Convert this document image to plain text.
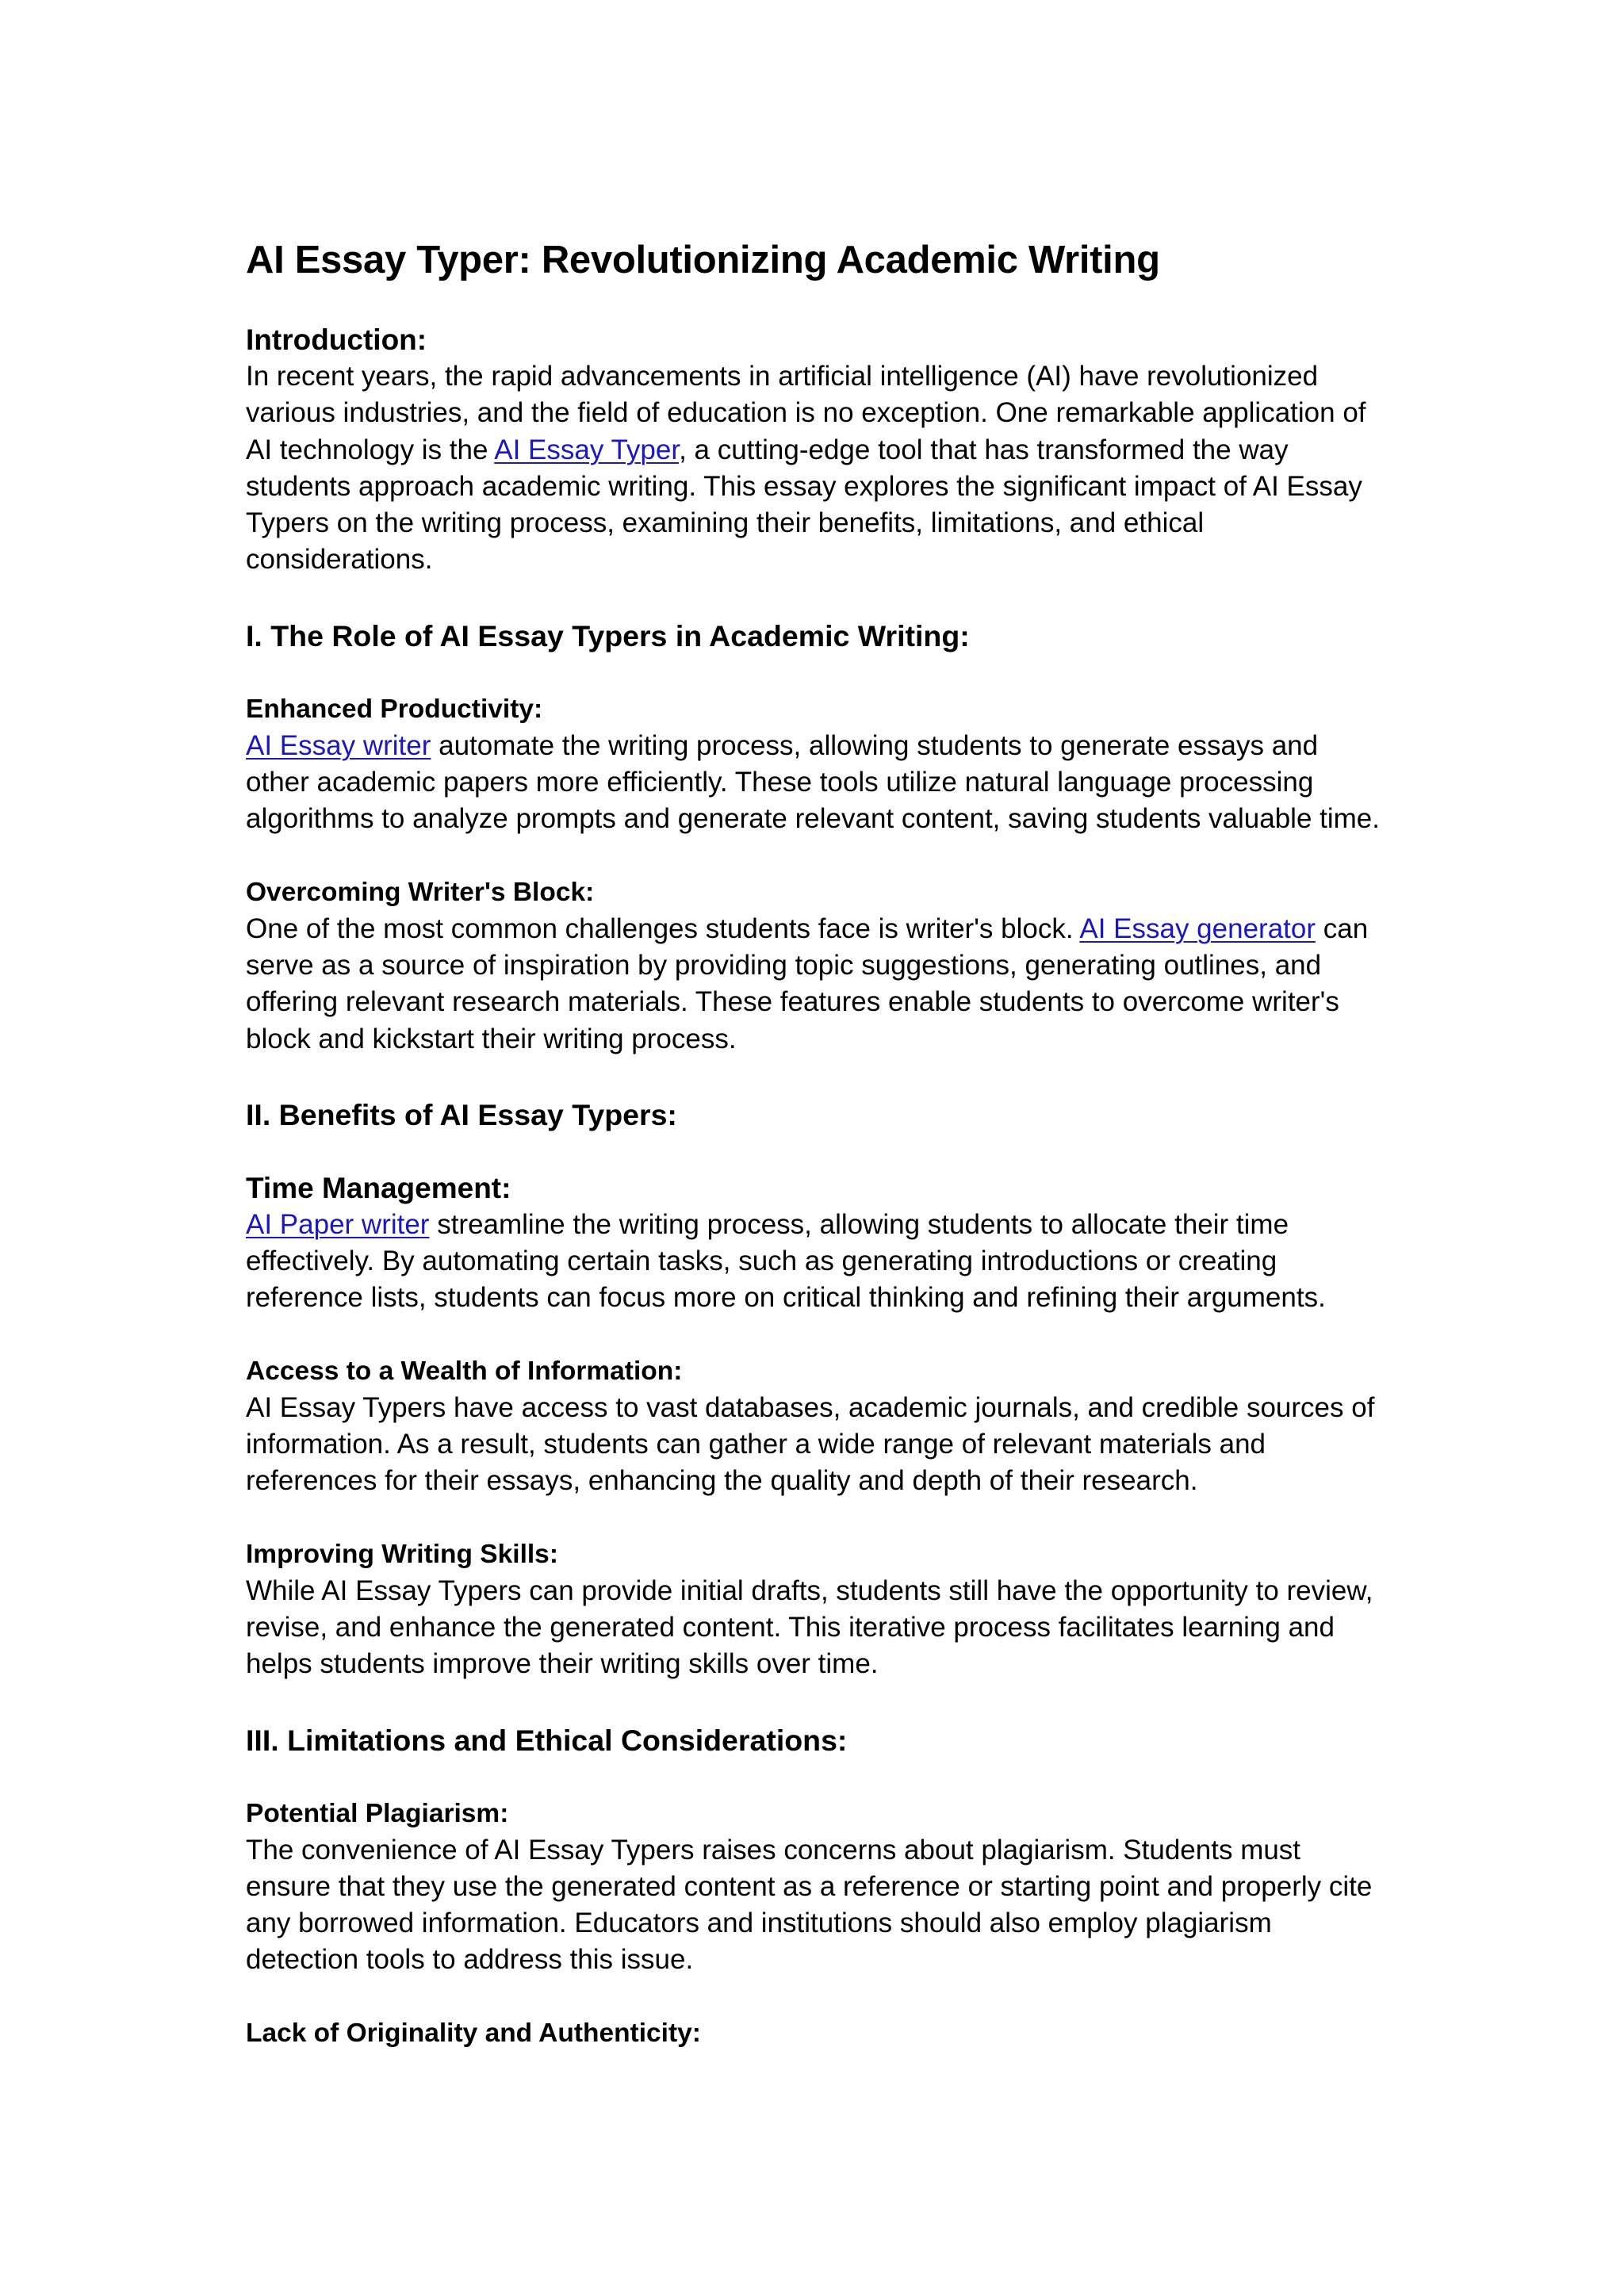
AI Essay Typer: Revolutionizing Academic Writing

Introduction:

In recent years, the rapid advancements in artificial intelligence (AI) have revolutionized various industries, and the field of education is no exception. One remarkable application of AI technology is the AI Essay Typer, a cutting-edge tool that has transformed the way students approach academic writing. This essay explores the significant impact of AI Essay Typers on the writing process, examining their benefits, limitations, and ethical considerations.

I. The Role of AI Essay Typers in Academic Writing:

Enhanced Productivity:

AI Essay writer automate the writing process, allowing students to generate essays and other academic papers more efficiently. These tools utilize natural language processing algorithms to analyze prompts and generate relevant content, saving students valuable time.

Overcoming Writer's Block:

One of the most common challenges students face is writer's block. AI Essay generator can serve as a source of inspiration by providing topic suggestions, generating outlines, and offering relevant research materials. These features enable students to overcome writer's block and kickstart their writing process.

II. Benefits of AI Essay Typers:

Time Management:

AI Paper writer streamline the writing process, allowing students to allocate their time effectively. By automating certain tasks, such as generating introductions or creating reference lists, students can focus more on critical thinking and refining their arguments.

Access to a Wealth of Information:

AI Essay Typers have access to vast databases, academic journals, and credible sources of information. As a result, students can gather a wide range of relevant materials and references for their essays, enhancing the quality and depth of their research.

Improving Writing Skills:

While AI Essay Typers can provide initial drafts, students still have the opportunity to review, revise, and enhance the generated content. This iterative process facilitates learning and helps students improve their writing skills over time.

III. Limitations and Ethical Considerations:

Potential Plagiarism:

The convenience of AI Essay Typers raises concerns about plagiarism. Students must ensure that they use the generated content as a reference or starting point and properly cite any borrowed information. Educators and institutions should also employ plagiarism detection tools to address this issue.

Lack of Originality and Authenticity:
